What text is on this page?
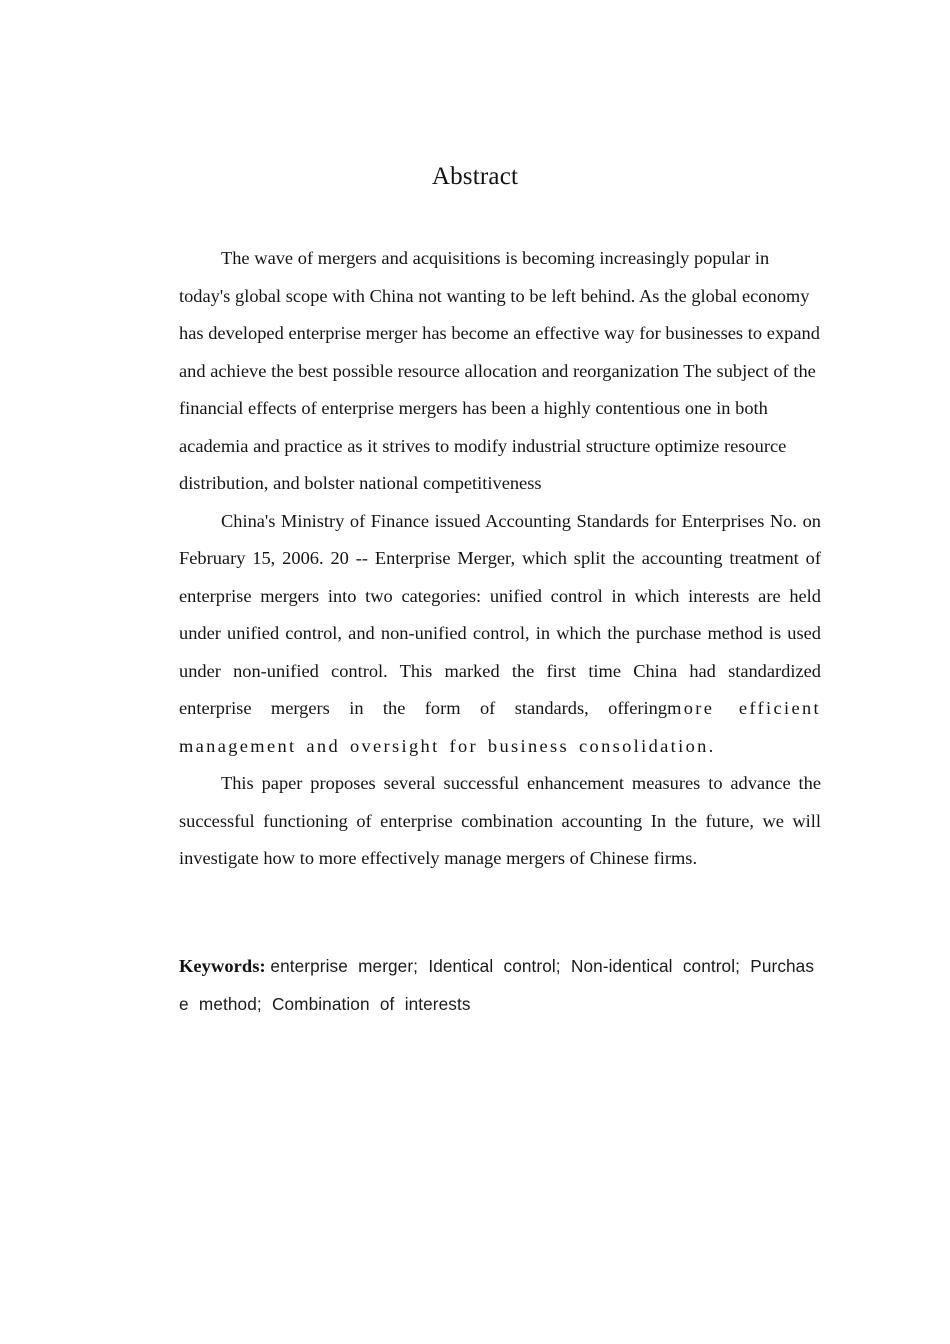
Abstract

The wave of mergers and acquisitions is becoming increasingly popular in today's global scope with China not wanting to be left behind. As the global economy has developed enterprise merger has become an effective way for businesses to expand and achieve the best possible resource allocation and reorganization The subject of the financial effects of enterprise mergers has been a highly contentious one in both academia and practice as it strives to modify industrial structure optimize resource distribution, and bolster national competitiveness

China's Ministry of Finance issued Accounting Standards for Enterprises No. on February 15, 2006. 20 -- Enterprise Merger, which split the accounting treatment of enterprise mergers into two categories: unified control in which interests are held under unified control, and non-unified control, in which the purchase method is used under non-unified control. This marked the first time China had standardized enterprise mergers in the form of standards, offeringmore efficient management and oversight for business consolidation.

This paper proposes several successful enhancement measures to advance the successful functioning of enterprise combination accounting In the future, we will investigate how to more effectively manage mergers of Chinese firms.

Keywords: enterprise merger; Identical control; Non-identical control; Purchase method; Combination of interests
